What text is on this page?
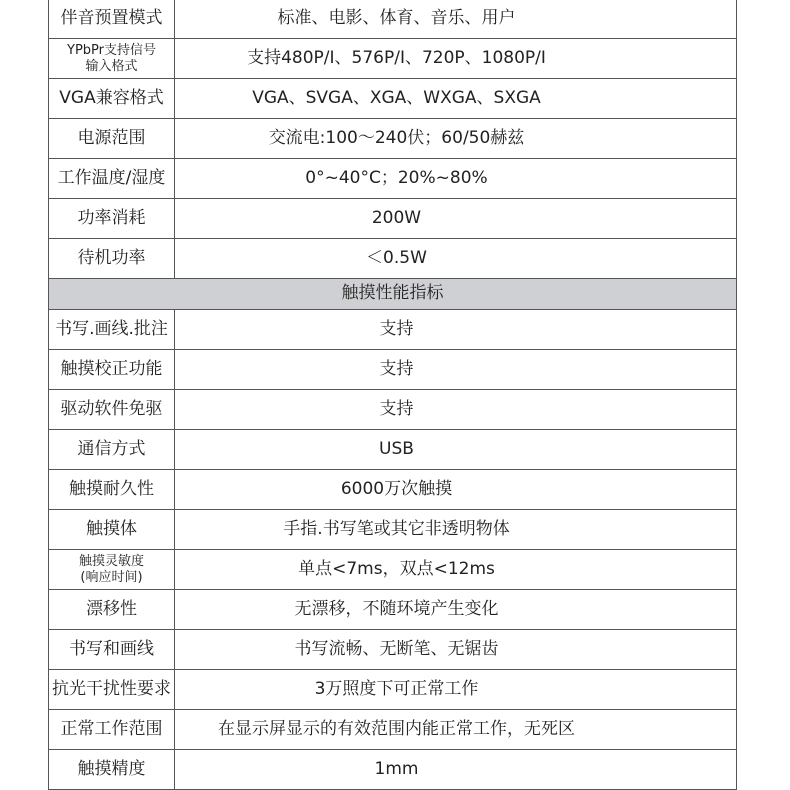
伴音预置模式	标准、电影、体育、音乐、用户

YPbPr支持信号
输入格式	支持480P/I、576P/I、720P、1080P/I
VGA兼容格式	VGA、SVGA、XGA、WXGA、SXGA
电源范围	交流电:100～240伏；60/50赫兹
工作温度/湿度	0°~40°C；20%~80%
功率消耗	200W
待机功率	＜0.5W
触摸性能指标	
书写.画线.批注	支持
触摸校正功能	支持
驱动软件免驱	支持
通信方式	USB
触摸耐久性	6000万次触摸
触摸体	手指.书写笔或其它非透明物体

触摸灵敏度
(响应时间)	单点<7ms，双点<12ms
漂移性	无漂移，不随环境产生变化
书写和画线	书写流畅、无断笔、无锯齿
抗光干扰性要求	3万照度下可正常工作
正常工作范围	在显示屏显示的有效范围内能正常工作，无死区
触摸精度	1mm
